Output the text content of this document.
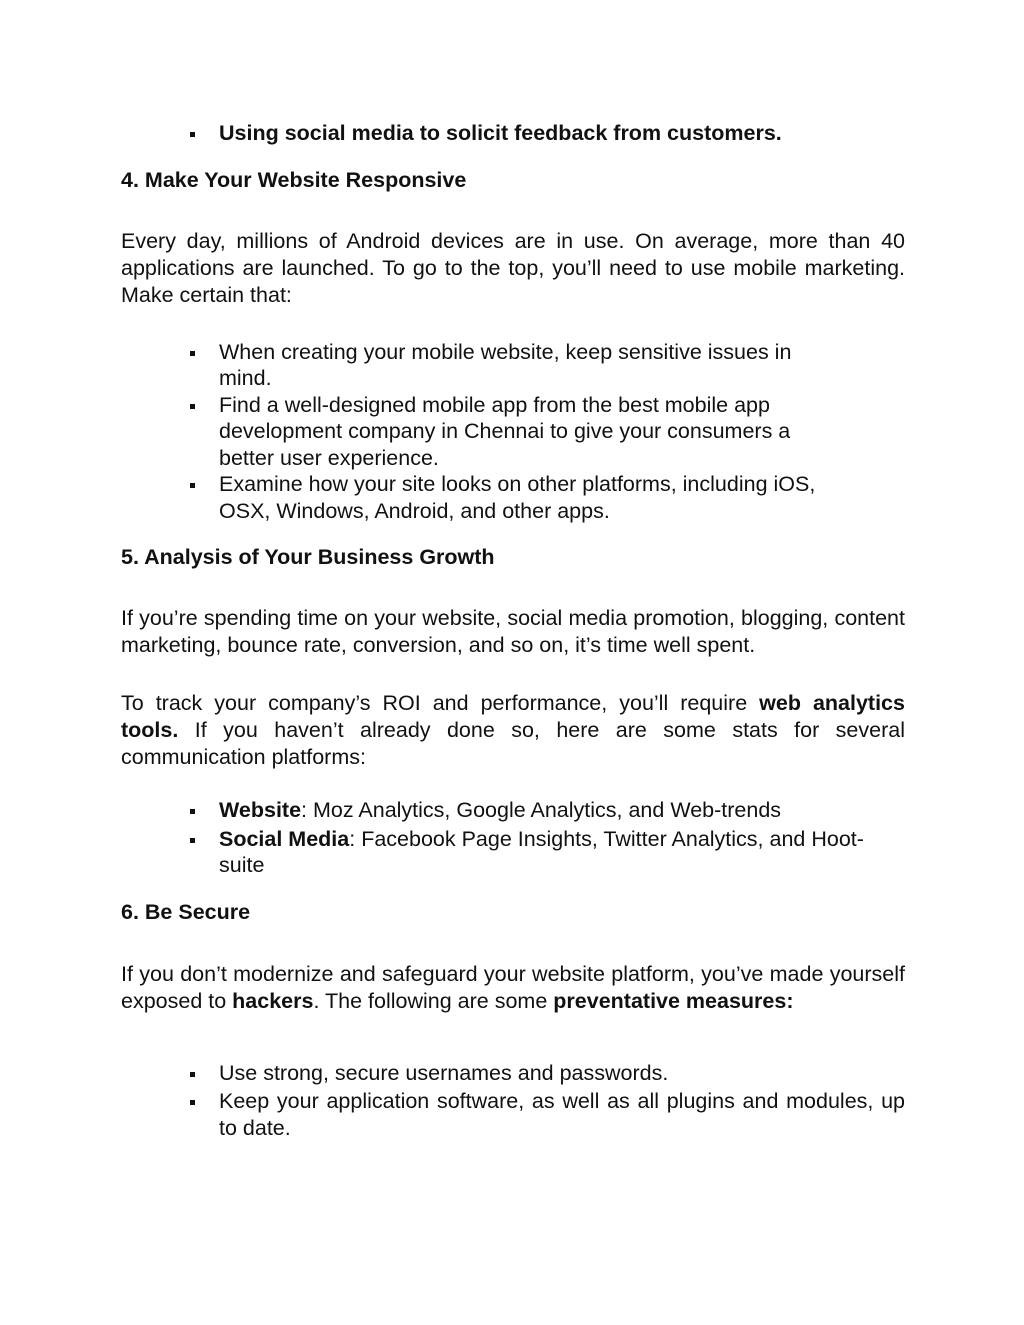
Using social media to solicit feedback from customers.
4. Make Your Website Responsive

Every day, millions of Android devices are in use. On average, more than 40 applications are launched. To go to the top, you’ll need to use mobile marketing. Make certain that:

When creating your mobile website, keep sensitive issues in mind.
Find a well-designed mobile app from the best mobile app development company in Chennai to give your consumers a better user experience.
Examine how your site looks on other platforms, including iOS, OSX, Windows, Android, and other apps.
5. Analysis of Your Business Growth

If you’re spending time on your website, social media promotion, blogging, content marketing, bounce rate, conversion, and so on, it’s time well spent.

To track your company’s ROI and performance, you’ll require web analytics tools. If you haven’t already done so, here are some stats for several communication platforms:

Website: Moz Analytics, Google Analytics, and Web-trends
Social Media: Facebook Page Insights, Twitter Analytics, and Hoot-suite
6. Be Secure

If you don’t modernize and safeguard your website platform, you’ve made yourself exposed to hackers. The following are some preventative measures:

Use strong, secure usernames and passwords.
Keep your application software, as well as all plugins and modules, up to date.
